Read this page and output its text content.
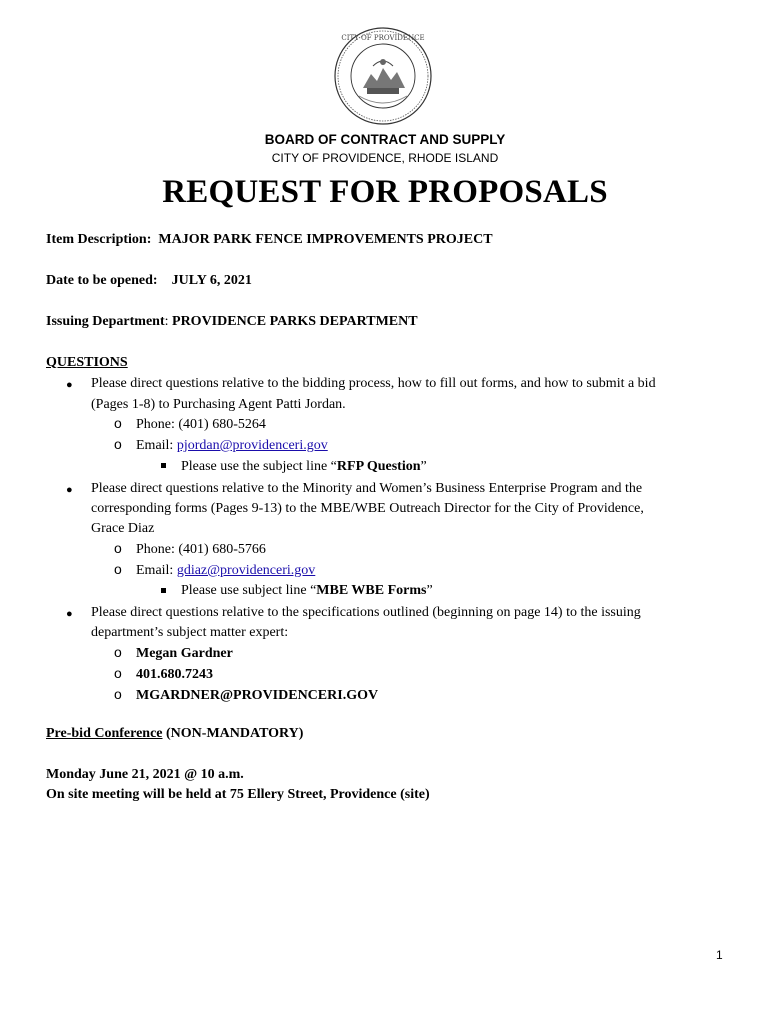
CITY OF PROVIDENCE
BOARD OF CONTRACT AND SUPPLY
CITY OF PROVIDENCE, RHODE ISLAND
REQUEST FOR PROPOSALS
Item Description: MAJOR PARK FENCE IMPROVEMENTS PROJECT
Date to be opened: JULY 6, 2021
Issuing Department: PROVIDENCE PARKS DEPARTMENT
QUESTIONS
● Please direct questions relative to the bidding process, how to fill out forms, and how to submit a bid
(Pages 1-8) to Purchasing Agent Patti Jordan.
o Phone: (401) 680-5264
o Email: pjordan@providenceri.gov
Please use the subject line “RFP Question”
● Please direct questions relative to the Minority and Women’s Business Enterprise Program and the
corresponding forms (Pages 9-13) to the MBE/WBE Outreach Director for the City of Providence,
Grace Diaz
o Phone: (401) 680-5766
o Email: gdiaz@providenceri.gov
Please use subject line “MBE WBE Forms”
● Please direct questions relative to the specifications outlined (beginning on page 14) to the issuing
department’s subject matter expert:
o Megan Gardner
o 401.680.7243
o MGARDNER@PROVIDENCERI.GOV
Pre-bid Conference (NON-MANDATORY)
Monday June 21, 2021 @ 10 a.m.
On site meeting will be held at 75 Ellery Street, Providence (site)
1
